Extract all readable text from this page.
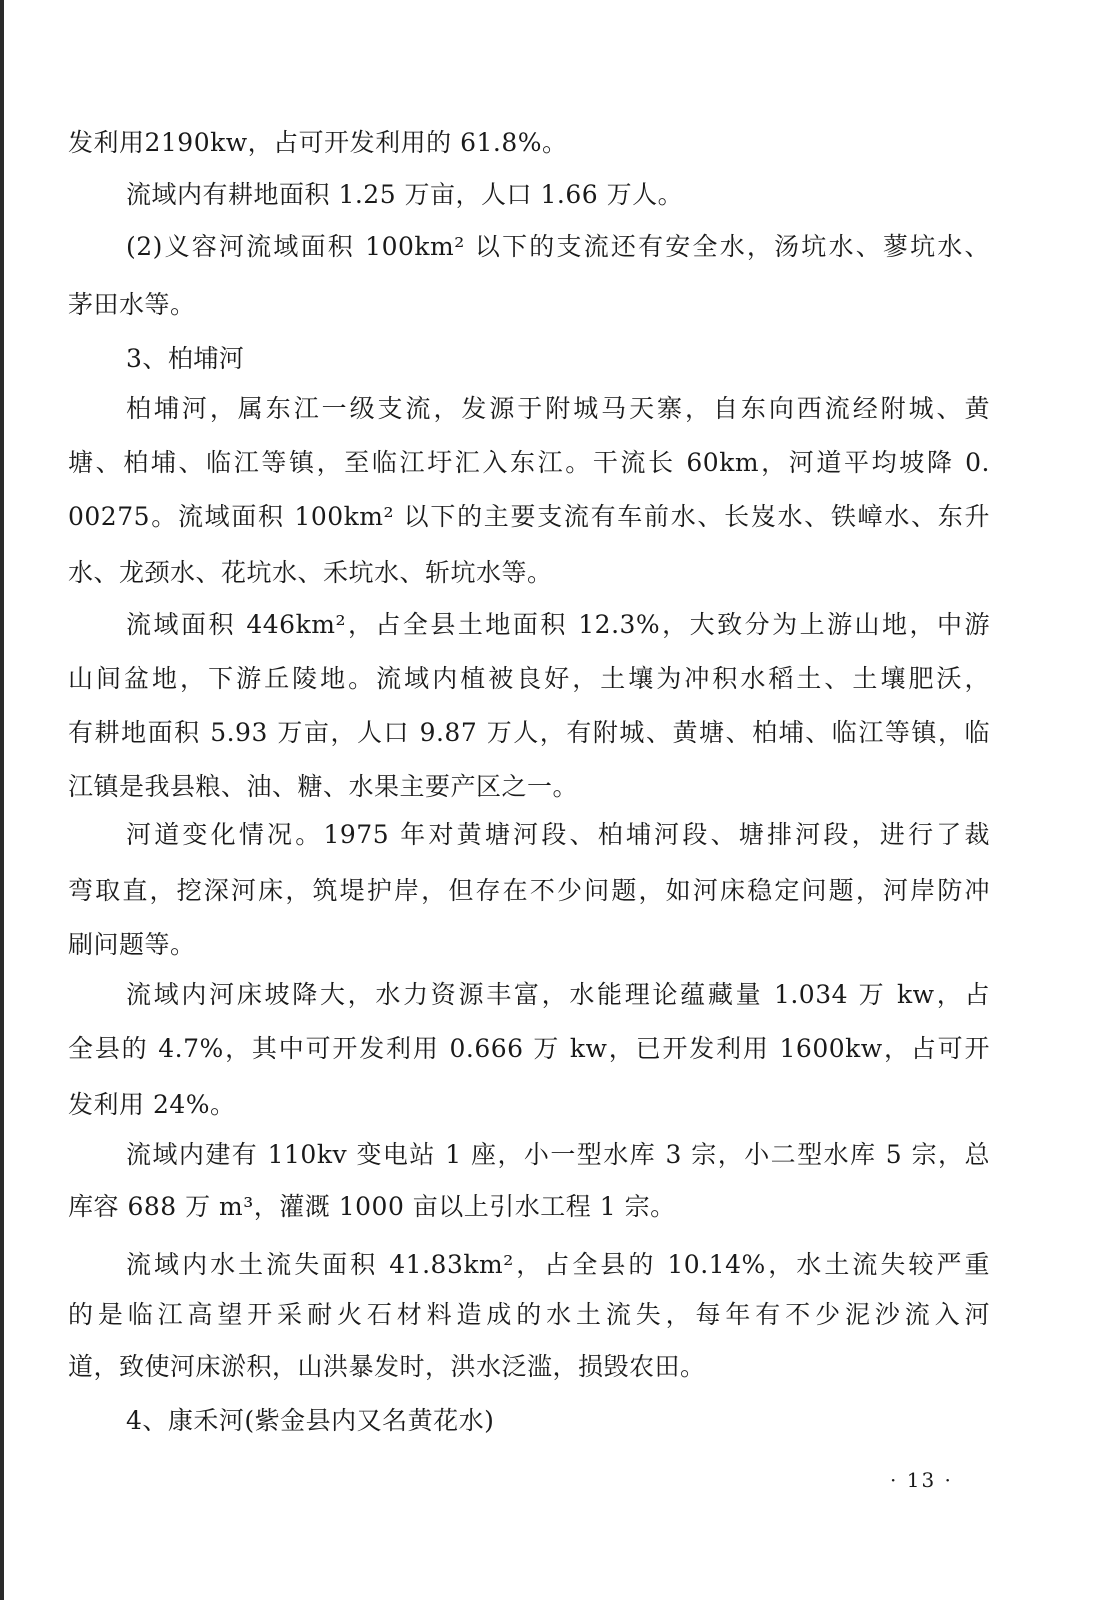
发利用2190kw，占可开发利用的 61.8%。
流域内有耕地面积 1.25 万亩，人口 1.66 万人。
(2)义容河流域面积 100km² 以下的支流还有安全水，汤坑水、蓼坑水、
茅田水等。
3、柏埔河
柏埔河，属东江一级支流，发源于附城马天寨，自东向西流经附城、黄
塘、柏埔、临江等镇，至临江圩汇入东江。干流长 60km，河道平均坡降 0.
00275。流域面积 100km² 以下的主要支流有车前水、长岌水、铁嶂水、东升
水、龙颈水、花坑水、禾坑水、斩坑水等。
流域面积 446km²，占全县土地面积 12.3%，大致分为上游山地，中游
山间盆地，下游丘陵地。流域内植被良好，土壤为冲积水稻土、土壤肥沃，
有耕地面积 5.93 万亩，人口 9.87 万人，有附城、黄塘、柏埔、临江等镇，临
江镇是我县粮、油、糖、水果主要产区之一。
河道变化情况。1975 年对黄塘河段、柏埔河段、塘排河段，进行了裁
弯取直，挖深河床，筑堤护岸，但存在不少问题，如河床稳定问题，河岸防冲
刷问题等。
流域内河床坡降大，水力资源丰富，水能理论蕴藏量 1.034 万 kw，占
全县的 4.7%，其中可开发利用 0.666 万 kw，已开发利用 1600kw，占可开
发利用 24%。
流域内建有 110kv 变电站 1 座，小一型水库 3 宗，小二型水库 5 宗，总
库容 688 万 m³，灌溉 1000 亩以上引水工程 1 宗。
流域内水土流失面积 41.83km²，占全县的 10.14%，水土流失较严重
的是临江高望开采耐火石材料造成的水土流失，每年有不少泥沙流入河
道，致使河床淤积，山洪暴发时，洪水泛滥，损毁农田。
4、康禾河(紫金县内又名黄花水)
· 13 ·
